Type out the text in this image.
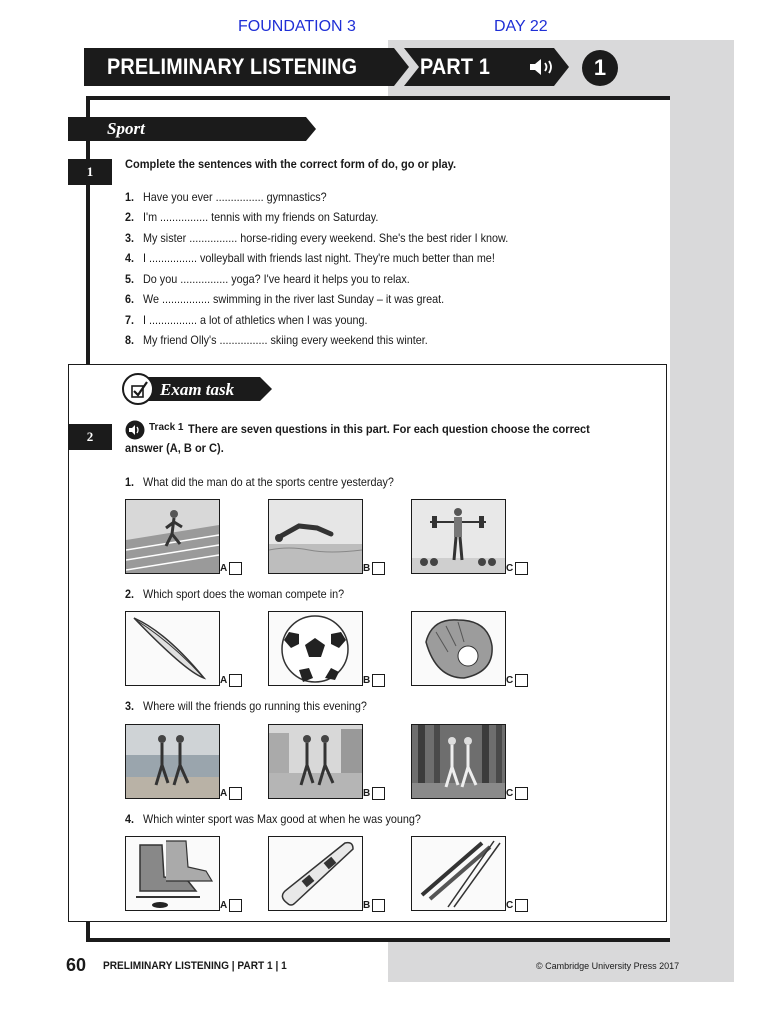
FOUNDATION 3	DAY 22
PRELIMINARY LISTENING	PART 1	1
Sport
1	Complete the sentences with the correct form of do, go or play.
1. Have you ever ................ gymnastics?
2. I'm ................ tennis with my friends on Saturday.
3. My sister ................ horse-riding every weekend. She's the best rider I know.
4. I ................ volleyball with friends last night. They're much better than me!
5. Do you ................ yoga? I've heard it helps you to relax.
6. We ................ swimming in the river last Sunday – it was great.
7. I ................ a lot of athletics when I was young.
8. My friend Olly's ................ skiing every weekend this winter.
Exam task
2
Track 1 There are seven questions in this part. For each question choose the correct
answer (A, B or C).
1. What did the man do at the sports centre yesterday?
2. Which sport does the woman compete in?
3. Where will the friends go running this evening?
4. Which winter sport was Max good at when he was young?
A	B	C
A	B	C
A	B	C
A	B	C
60 PRELIMINARY LISTENING | PART 1 | 1	© Cambridge University Press 2017
